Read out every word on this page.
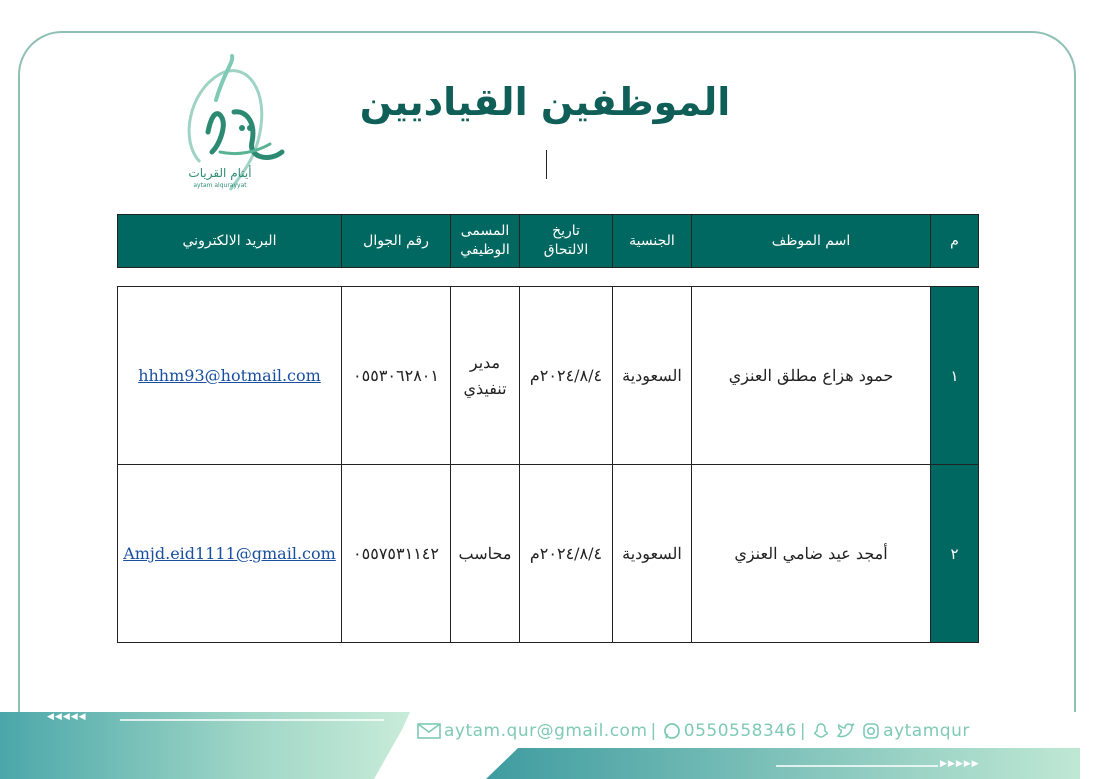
أيتام القريات
aytam alqurayyat
الموظفين القياديين
م	اسم الموظف	الجنسية	تاريخ
الالتحاق	المسمى
الوظيفي	رقم الجوال	البريد الالكتروني
١	حمود هزاع مطلق العنزي	السعودية	٢٠٢٤/٨/٤م	مدير
تنفيذي	٠٥٥٣٠٦٢٨٠١	hhhm93@hotmail.com
٢	أمجد عيد ضامي العنزي	السعودية	٢٠٢٤/٨/٤م	محاسب	٠٥٥٧٥٣١١٤٢	Amjd.eid1111@gmail.com
◀◀◀◀◀
▶▶▶▶▶
aytam.qur@gmail.com | 0550558346 |	aytamqur
